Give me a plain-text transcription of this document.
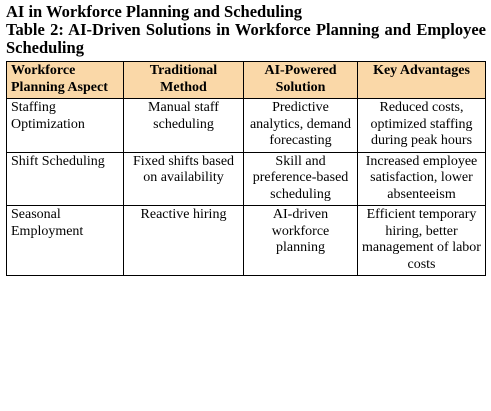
AI in Workforce Planning and Scheduling

Table 2: AI-Driven Solutions in Workforce Planning and Employee Scheduling

Workforce Planning Aspect	Traditional Method	AI-Powered Solution	Key Advantages
Staffing Optimization	Manual staff scheduling	Predictive analytics, demand forecasting	Reduced costs, optimized staffing during peak hours
Shift Scheduling	Fixed shifts based on availability	Skill and preference-based scheduling	Increased employee satisfaction, lower absenteeism
Seasonal Employment	Reactive hiring	AI-driven workforce planning	Efficient temporary hiring, better management of labor costs
